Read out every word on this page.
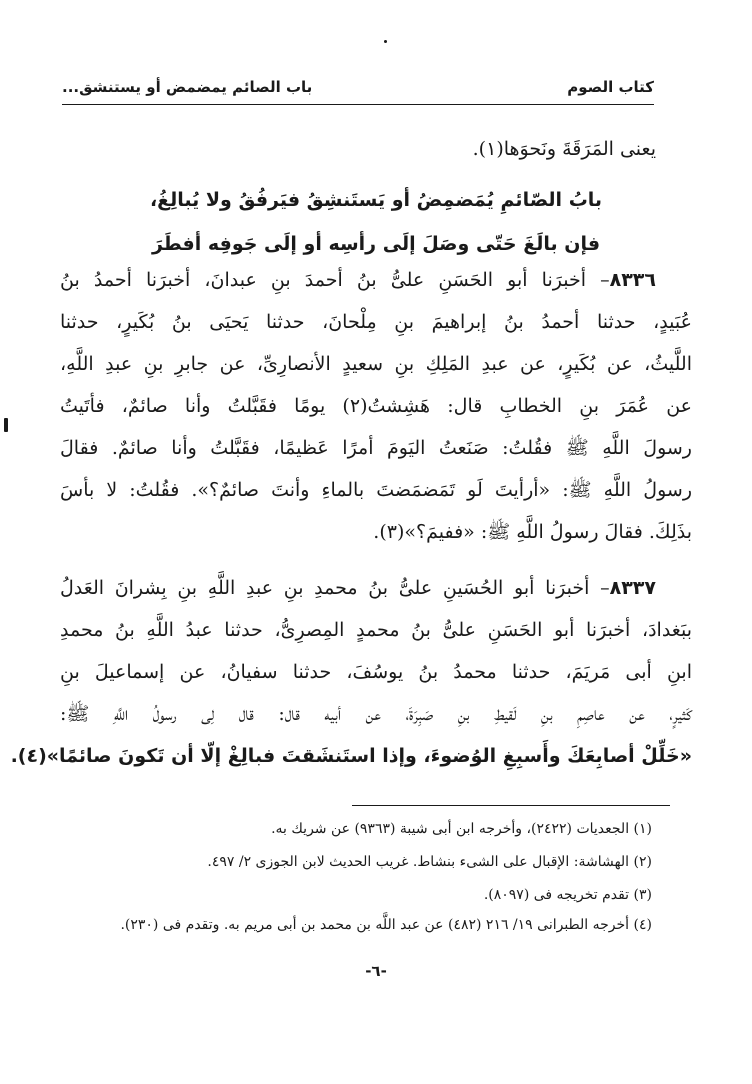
كتاب الصوم
باب الصائم يمضمض أو يستنشق...
يعنى المَرَقَةَ ونَحوَها(١).
بابُ الصّائمِ يُمَضمِضُ أو يَستَنشِقُ فيَرفُقُ ولا يُبالِغُ،
فإن بالَغَ حَتّى وصَلَ إلَى رأسِه أو إلَى جَوفِه أفطَرَ
٨٣٣٦– أخبرَنا أبو الحَسَنِ علىُّ بنُ أحمدَ بنِ عبدانَ، أخبرَنا أحمدُ بنُ
عُبَيدٍ، حدثنا أحمدُ بنُ إبراهيمَ بنِ مِلْحانَ، حدثنا يَحيَى بنُ بُكَيرٍ، حدثنا
اللَّيثُ، عن بُكَيرٍ، عن عبدِ المَلِكِ بنِ سعيدٍ الأنصارِىِّ، عن جابرِ بنِ عبدِ اللَّهِ،
عن عُمَرَ بنِ الخطابِ قال: هَشِشتُ(٢) يومًا فقَبَّلتُ وأنا صائمٌ، فأتَيتُ
رسولَ اللَّهِ ﷺ فقُلتُ: صَنَعتُ اليَومَ أمرًا عَظيمًا، فقَبَّلتُ وأنا صائمٌ. فقالَ
رسولُ اللَّهِ ﷺ: «أرأيتَ لَو تَمَضمَضتَ بالماءِ وأنتَ صائمٌ؟». فقُلتُ: لا بأسَ
بذَلِكَ. فقالَ رسولُ اللَّهِ ﷺ: «ففيمَ؟»(٣).
٨٣٣٧– أخبرَنا أبو الحُسَينِ علىُّ بنُ محمدِ بنِ عبدِ اللَّهِ بنِ بِشرانَ العَدلُ
ببَغدادَ، أخبرَنا أبو الحَسَنِ علىُّ بنُ محمدٍ المِصرِىُّ، حدثنا عبدُ اللَّهِ بنُ محمدِ
ابنِ أبى مَريَمَ، حدثنا محمدُ بنُ يوسُفَ، حدثنا سفيانُ، عن إسماعيلَ بنِ
كَثيرٍ، عن عاصِمِ بنِ لَقيطِ بنِ صَبِرَةَ، عن أبيه قال: قال لِى رسولُ اللَّهِ ﷺ:
«خَلِّلْ أصابِعَكَ وأَسبِغِ الوُضوءَ، وإذا استَنشَقتَ فبالِغْ إلّا أن تَكونَ صائمًا»(٤).
(١) الجعديات (٢٤٢٢)، وأخرجه ابن أبى شيبة (٩٣٦٣) عن شريك به.
(٢) الهشاشة: الإقبال على الشىء بنشاط. غريب الحديث لابن الجوزى ٢/ ٤٩٧.
(٣) تقدم تخريجه فى (٨٠٩٧).
(٤) أخرجه الطبرانى ١٩/ ٢١٦ (٤٨٢) عن عبد اللَّه بن محمد بن أبى مريم به. وتقدم فى (٢٣٠).
-٦-
